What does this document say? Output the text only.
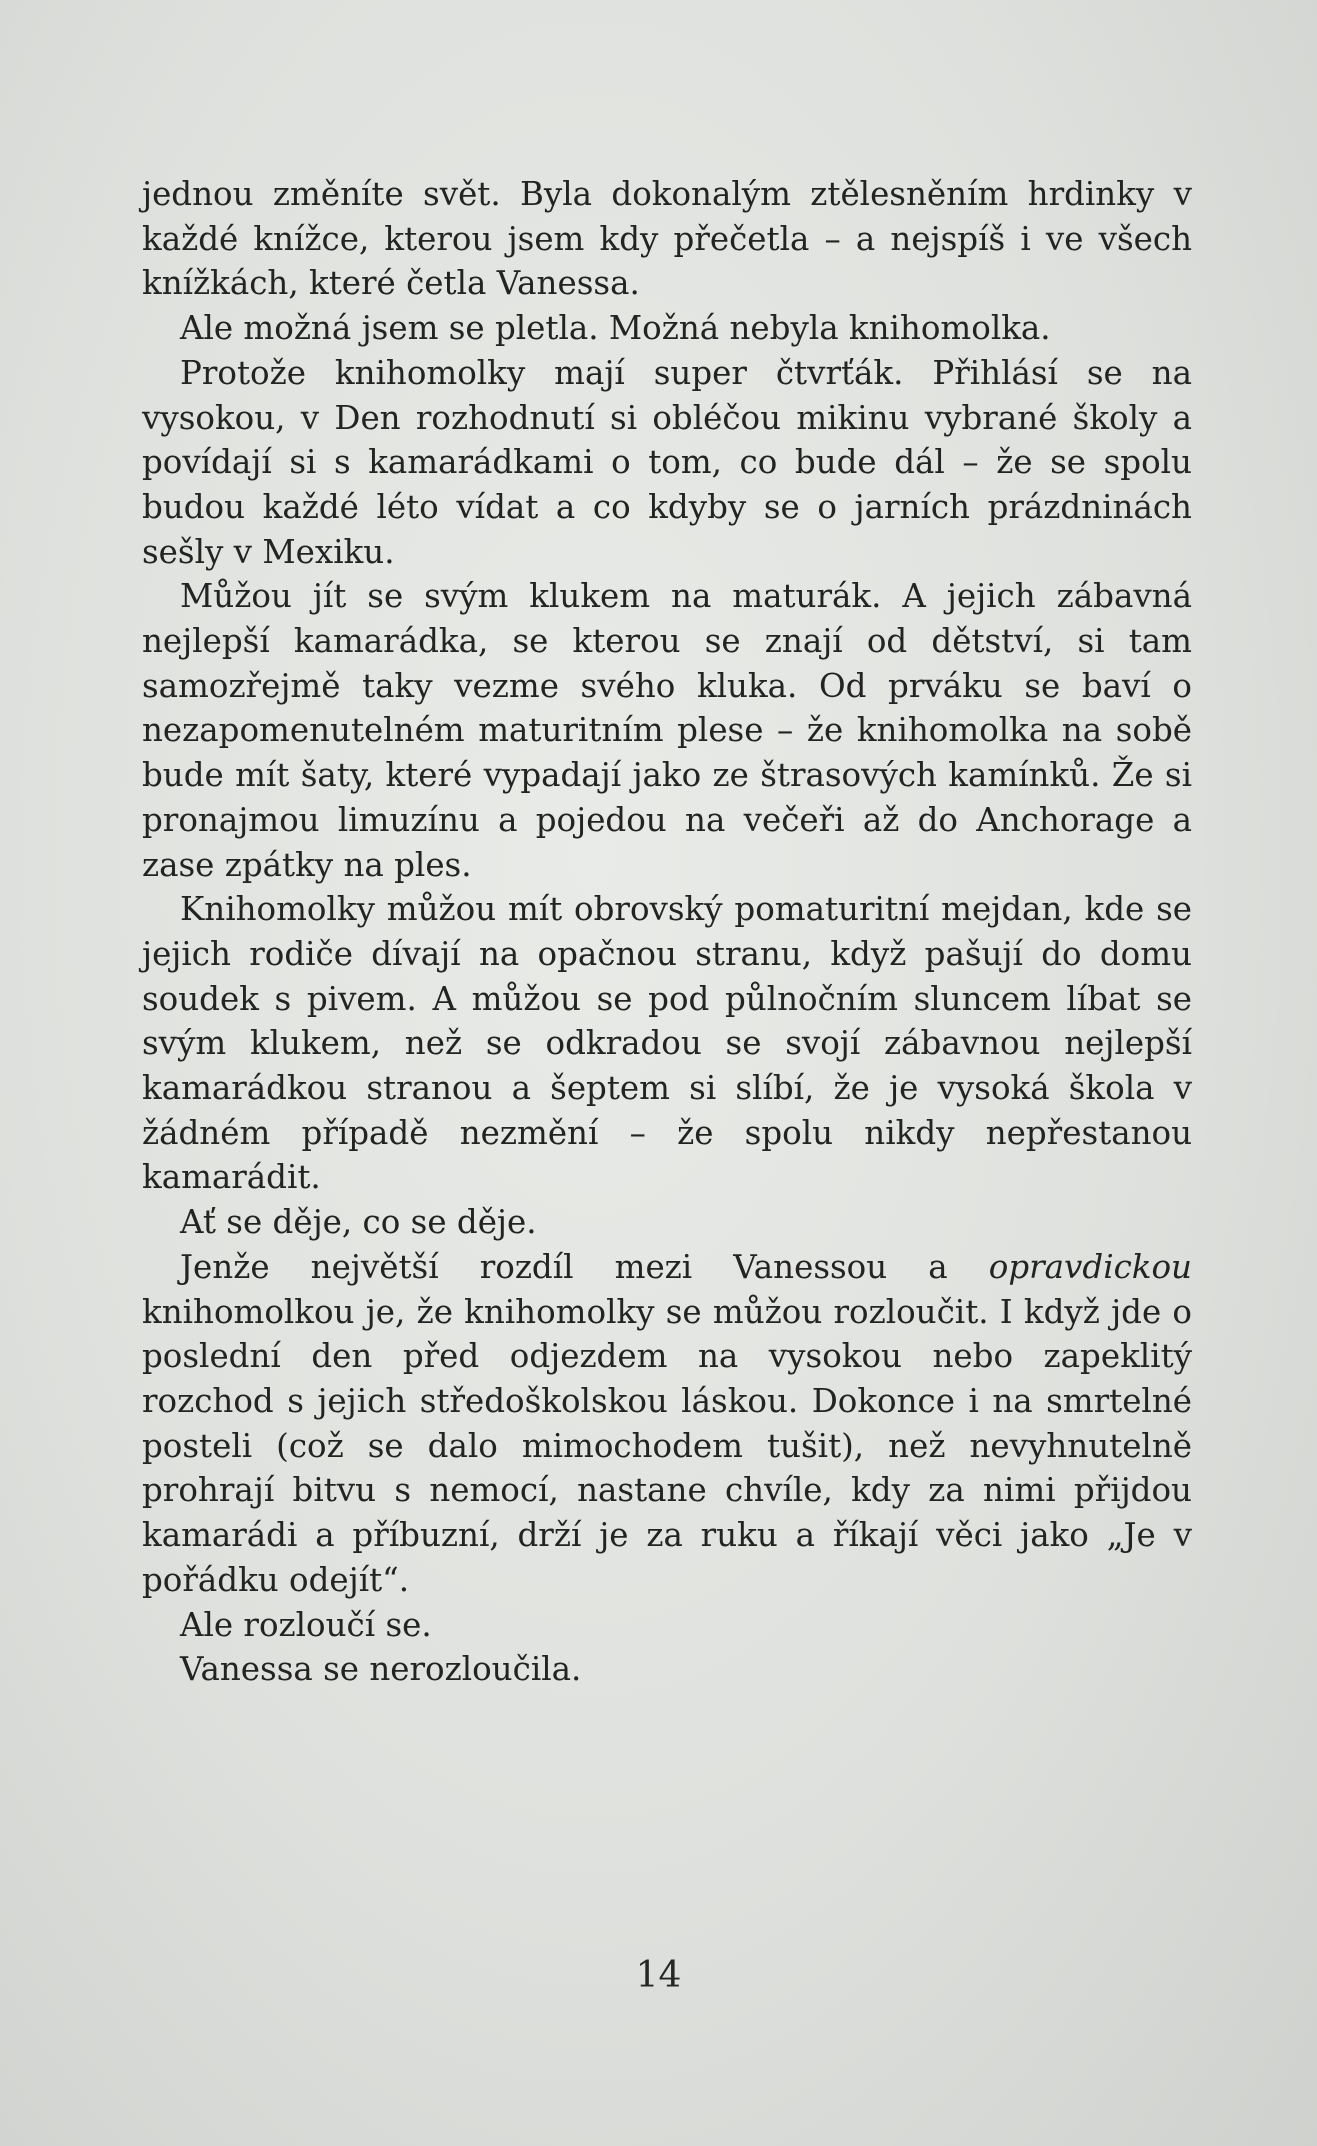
jednou změníte svět. Byla dokonalým ztělesněním hrdinky v každé knížce, kterou jsem kdy přečetla – a nejspíš i ve všech knížkách, které četla Vanessa.

Ale možná jsem se pletla. Možná nebyla knihomolka.

Protože knihomolky mají super čtvrťák. Přihlásí se na vysokou, v Den rozhodnutí si obléčou mikinu vybrané školy a povídají si s kamarádkami o tom, co bude dál – že se spolu budou každé léto vídat a co kdyby se o jarních prázdninách sešly v Mexiku.

Můžou jít se svým klukem na maturák. A jejich zábavná nejlepší kamarádka, se kterou se znají od dětství, si tam samozřejmě taky vezme svého kluka. Od prváku se baví o nezapomenutelném maturitním plese – že knihomolka na sobě bude mít šaty, které vypadají jako ze štrasových kamínků. Že si pronajmou limuzínu a pojedou na večeři až do Anchorage a zase zpátky na ples.

Knihomolky můžou mít obrovský pomaturitní mejdan, kde se jejich rodiče dívají na opačnou stranu, když pašují do domu soudek s pivem. A můžou se pod půlnočním sluncem líbat se svým klukem, než se odkradou se svojí zábavnou nejlepší kamarádkou stranou a šeptem si slíbí, že je vysoká škola v žádném případě nezmění – že spolu nikdy nepřestanou kamarádit.

Ať se děje, co se děje.

Jenže největší rozdíl mezi Vanessou a opravdickou knihomolkou je, že knihomolky se můžou rozloučit. I když jde o poslední den před odjezdem na vysokou nebo zapeklitý rozchod s jejich středoškolskou láskou. Dokonce i na smrtelné posteli (což se dalo mimochodem tušit), než nevyhnutelně prohrají bitvu s nemocí, nastane chvíle, kdy za nimi přijdou kamarádi a příbuzní, drží je za ruku a říkají věci jako „Je v pořádku odejít“.

Ale rozloučí se.

Vanessa se nerozloučila.

14
